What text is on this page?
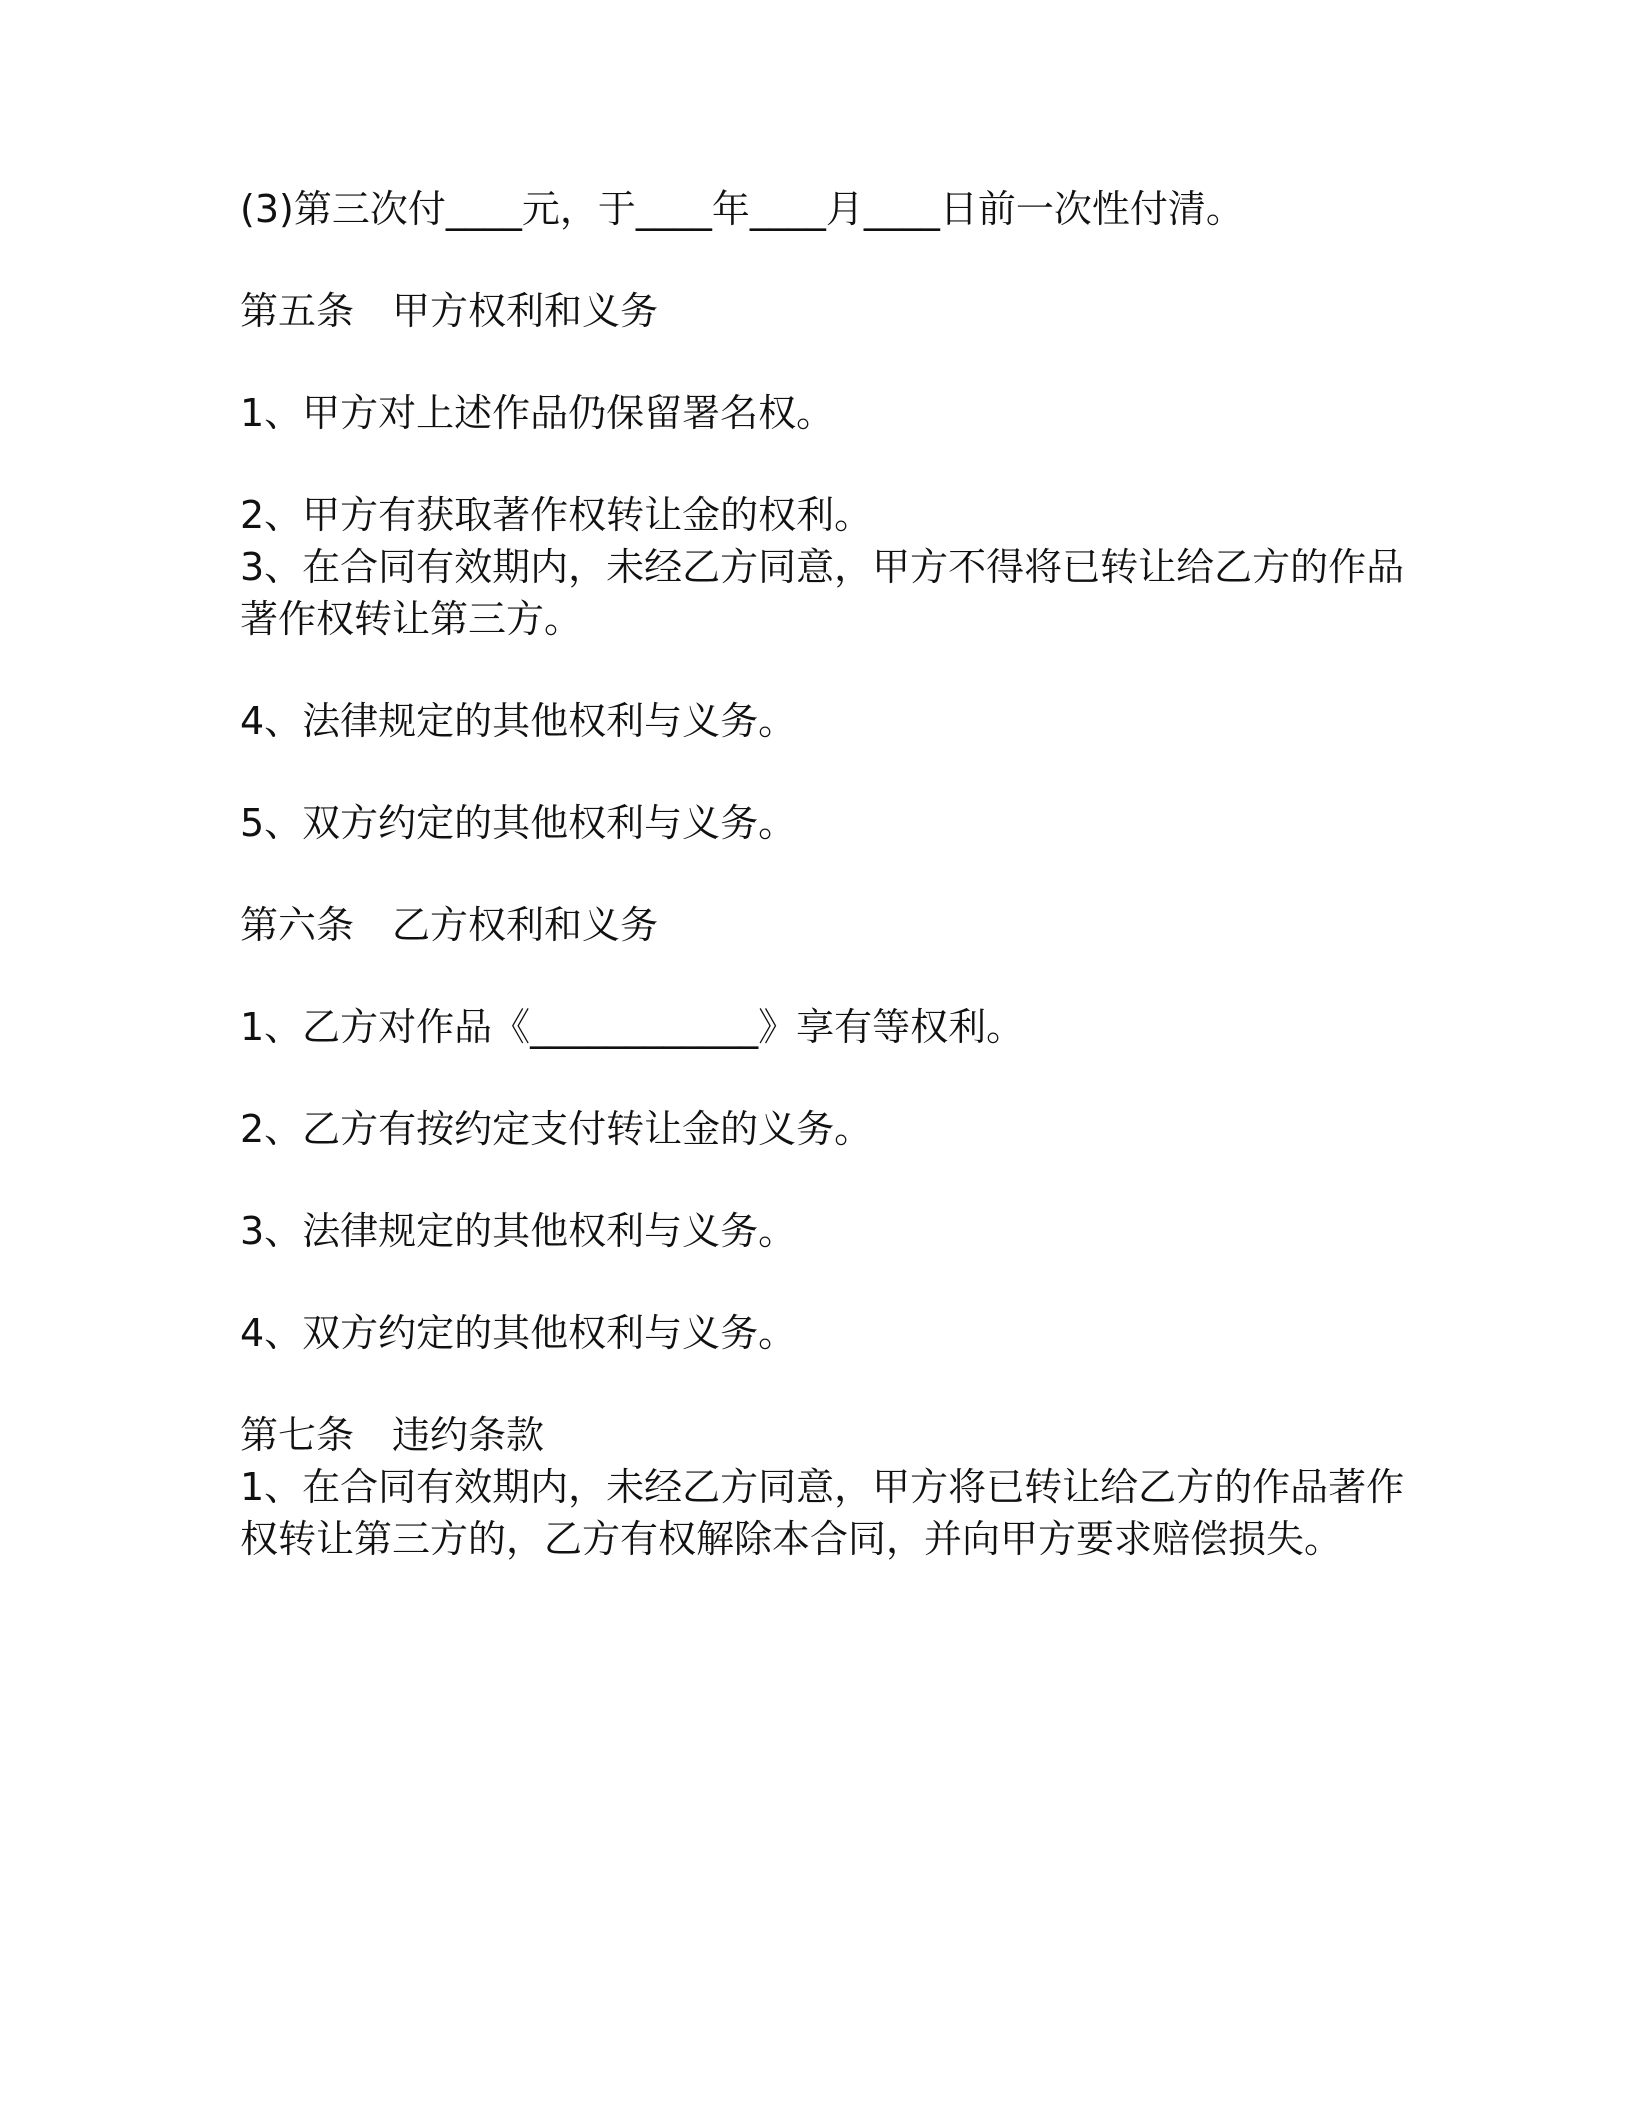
(3)第三次付____元，于____年____月____日前一次性付清。

第五条　甲方权利和义务

1、甲方对上述作品仍保留署名权。

2、甲方有获取著作权转让金的权利。

3、在合同有效期内，未经乙方同意，甲方不得将已转让给乙方的作品

著作权转让第三方。

4、法律规定的其他权利与义务。

5、双方约定的其他权利与义务。

第六条　乙方权利和义务

1、乙方对作品《____________》享有等权利。

2、乙方有按约定支付转让金的义务。

3、法律规定的其他权利与义务。

4、双方约定的其他权利与义务。

第七条　违约条款

1、在合同有效期内，未经乙方同意，甲方将已转让给乙方的作品著作

权转让第三方的，乙方有权解除本合同，并向甲方要求赔偿损失。
